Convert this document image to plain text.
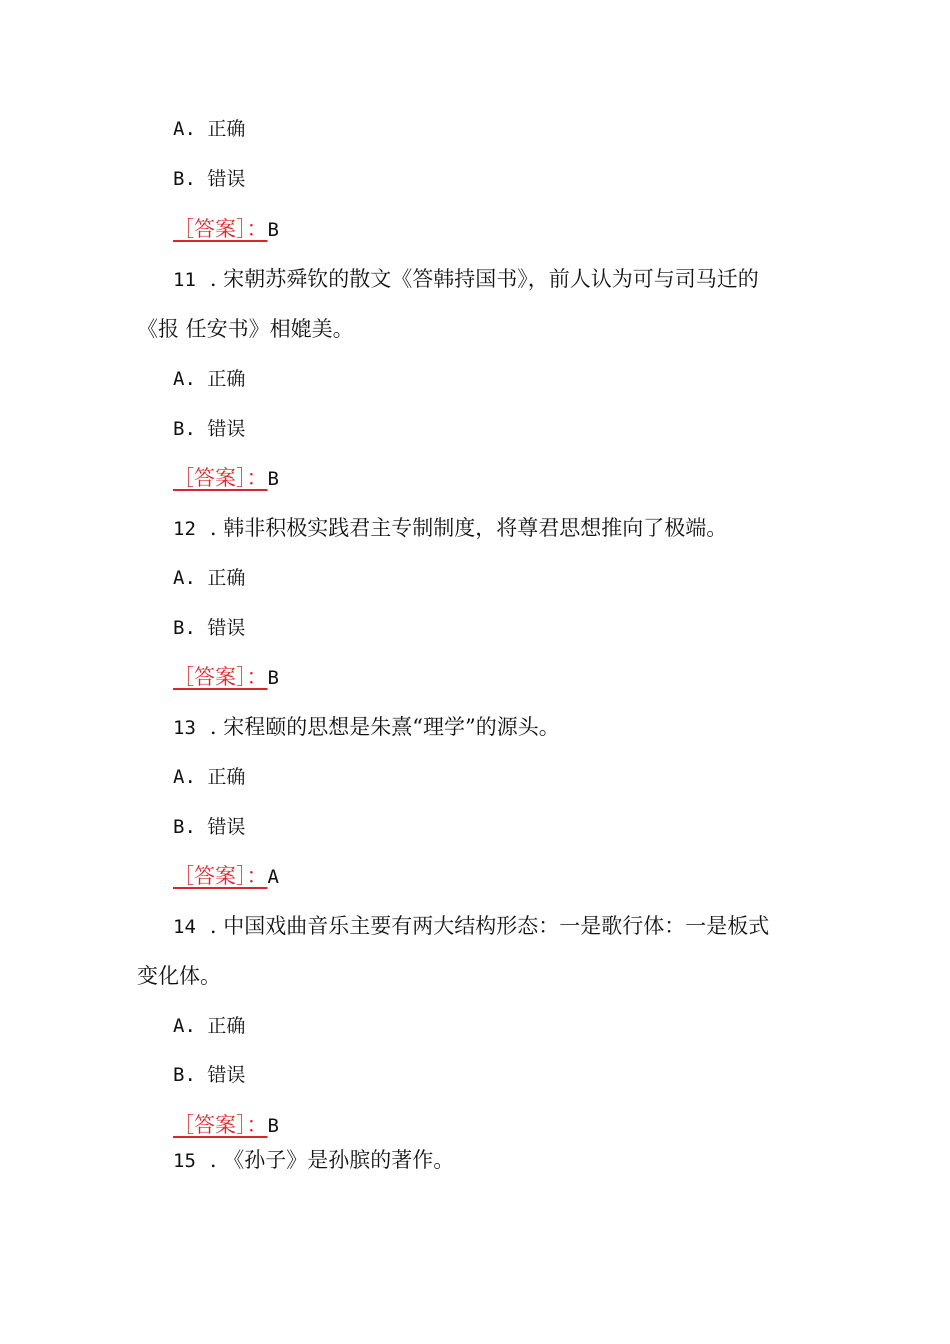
A. 正确
B. 错误
［答案］：B
11 . 宋朝苏舜钦的散文《答韩持国书》，前人认为可与司马迁的
《报 任安书》相媲美。
A. 正确
B. 错误
［答案］：B
12 . 韩非积极实践君主专制制度，将尊君思想推向了极端。
A. 正确
B. 错误
［答案］：B
13 . 宋程颐的思想是朱熹“理学”的源头。
A. 正确
B. 错误
［答案］：A
14 . 中国戏曲音乐主要有两大结构形态：一是歌行体：一是板式
变化体。
A. 正确
B. 错误
［答案］：B
15 . 《孙子》是孙膑的著作。
